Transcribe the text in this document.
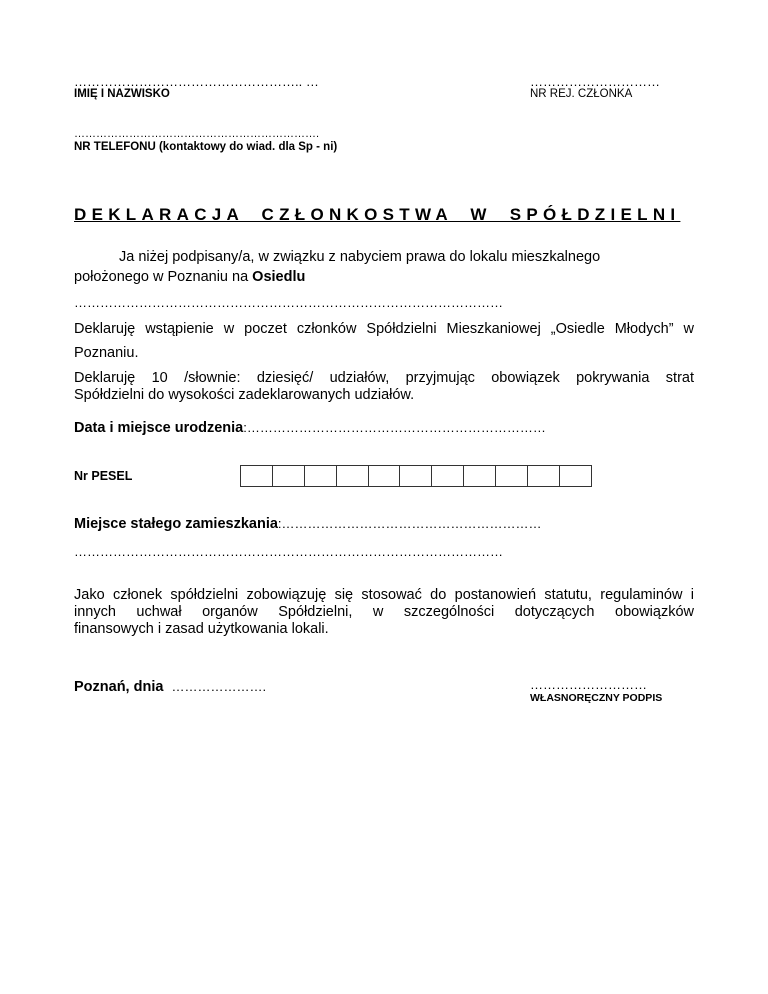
…………………………………………….. …
IMIĘ I NAZWISKO
…………………………
NR REJ. CZŁONKA
………………………………………………………….
NR TELEFONU (kontaktowy do wiad. dla Sp - ni)
DEKLARACJA CZŁONKOSTWA W SPÓŁDZIELNI
Ja niżej podpisany/a, w związku z nabyciem prawa do lokalu mieszkalnego
położonego w Poznaniu na Osiedlu
………………………………………………………………………………………
Deklaruję wstąpienie w poczet członków Spółdzielni Mieszkaniowej „Osiedle Młodych” w
Poznaniu.
Deklaruję 10 /słownie: dziesięć/ udziałów, przyjmując obowiązek pokrywania strat
Spółdzielni do wysokości zadeklarowanych udziałów.
Data i miejsce urodzenia:……………………………………………………………
Nr PESEL
Miejsce stałego zamieszkania:……………………………………………………
………………………………………………………………………………………
Jako członek spółdzielni zobowiązuję się stosować do postanowień statutu, regulaminów i
innych uchwał organów Spółdzielni, w szczególności dotyczących obowiązków
finansowych i zasad użytkowania lokali.
Poznań, dnia ………………….	………………………
WŁASNORĘCZNY PODPIS
